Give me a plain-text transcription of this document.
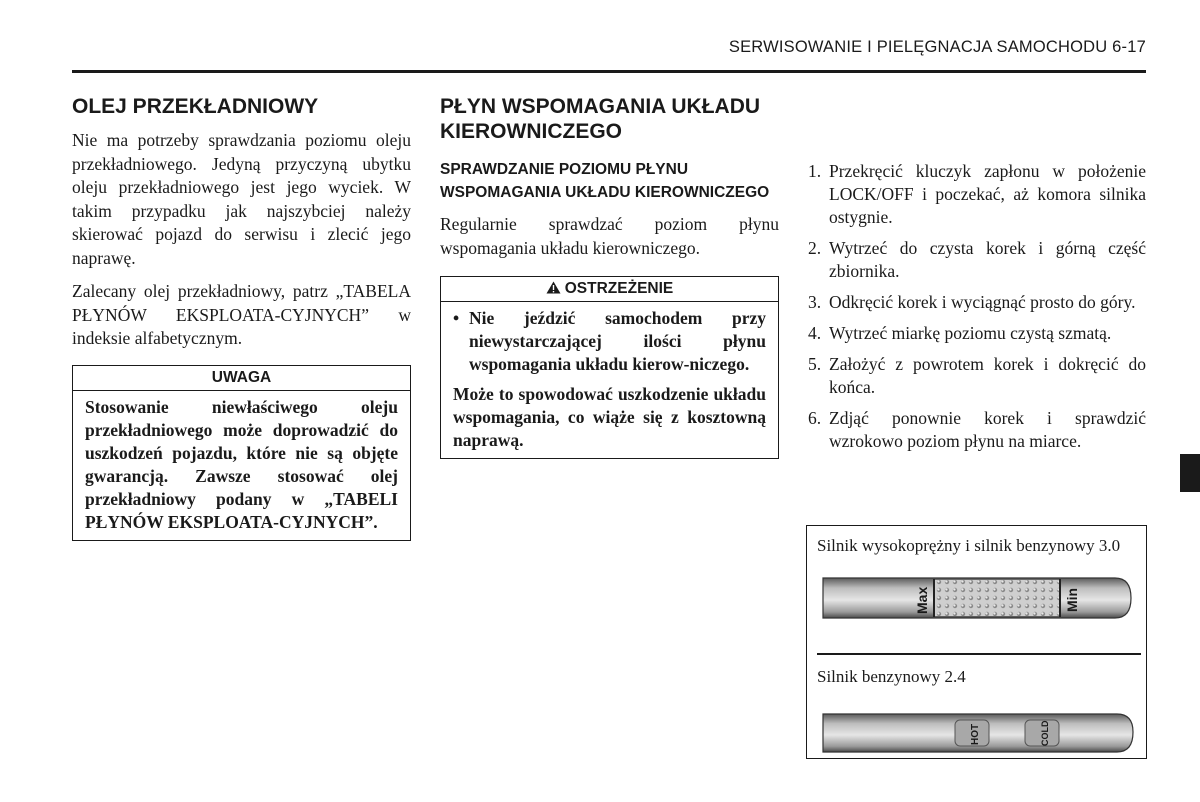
SERWISOWANIE I PIELĘGNACJA SAMOCHODU 6-17
OLEJ PRZEKŁADNIOWY

Nie ma potrzeby sprawdzania poziomu oleju przekładniowego. Jedyną przyczyną ubytku oleju przekładniowego jest jego wyciek. W takim przypadku jak najszybciej należy skierować pojazd do serwisu i zlecić jego naprawę.

Zalecany olej przekładniowy, patrz „TABELA PŁYNÓW EKSPLOATA-CYJNYCH” w indeksie alfabetycznym.

UWAGA

Stosowanie niewłaściwego oleju przekładniowego może doprowadzić do uszkodzeń pojazdu, które nie są objęte gwarancją. Zawsze stosować olej przekładniowy podany w „TABELI PŁYNÓW EKSPLOATA-CYJNYCH”.

PŁYN WSPOMAGANIA UKŁADU KIEROWNICZEGO
SPRAWDZANIE POZIOMU PŁYNU WSPOMAGANIA UKŁADU KIEROWNICZEGO

Regularnie sprawdzać poziom płynu wspomagania układu kierowniczego.

OSTRZEŻENIE
• Nie jeździć samochodem przy niewystarczającej ilości płynu wspomagania układu kierow-niczego.

Może to spowodować uszkodzenie układu wspomagania, co wiąże się z kosztowną naprawą.

1. Przekręcić kluczyk zapłonu w położenie LOCK/OFF i poczekać, aż komora silnika ostygnie.
2. Wytrzeć do czysta korek i górną część zbiornika.
3. Odkręcić korek i wyciągnąć prosto do góry.
4. Wytrzeć miarkę poziomu czystą szmatą.
5. Założyć z powrotem korek i dokręcić do końca.
6. Zdjąć ponownie korek i sprawdzić wzrokowo poziom płynu na miarce.
Silnik wysokoprężny i silnik benzynowy 3.0
Max	Min
Silnik benzynowy 2.4
HOT	COLD
